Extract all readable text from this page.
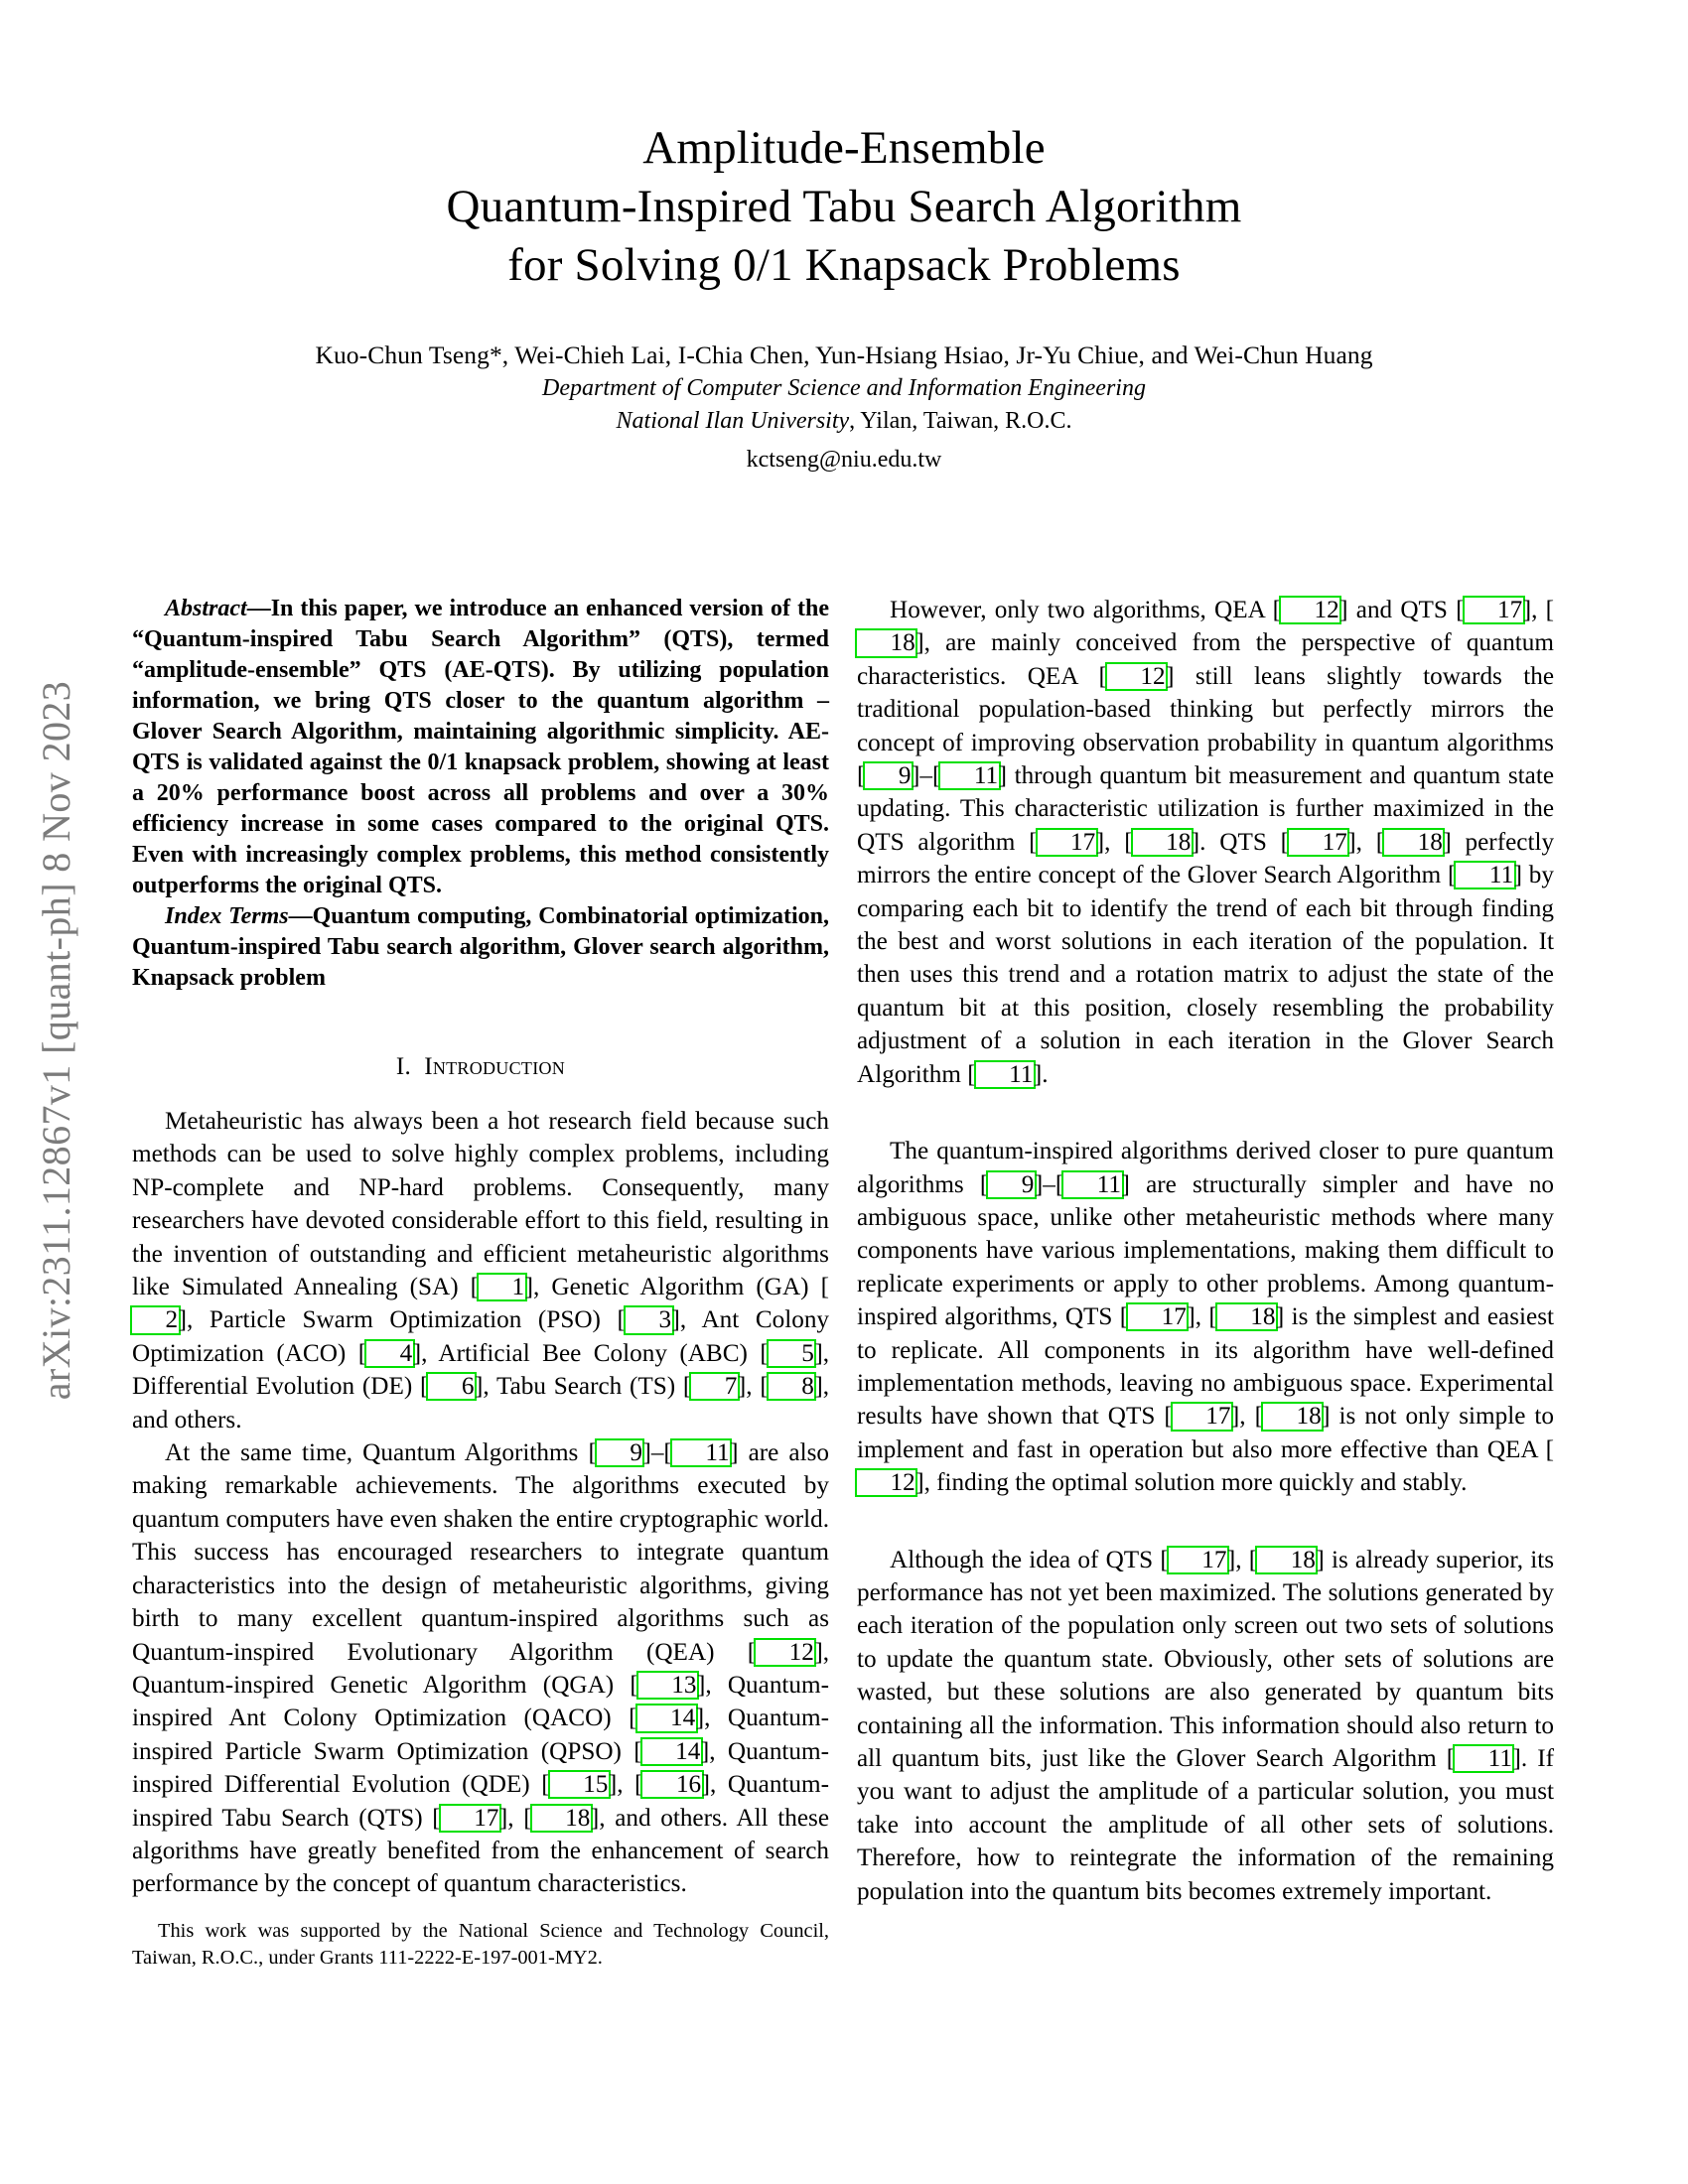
arXiv:2311.12867v1 [quant-ph] 8 Nov 2023
Amplitude-Ensemble
Quantum-Inspired Tabu Search Algorithm
for Solving 0/1 Knapsack Problems
Kuo-Chun Tseng*, Wei-Chieh Lai, I-Chia Chen, Yun-Hsiang Hsiao, Jr-Yu Chiue, and Wei-Chun Huang
Department of Computer Science and Information Engineering
National Ilan University, Yilan, Taiwan, R.O.C.
kctseng@niu.edu.tw

Abstract—In this paper, we introduce an enhanced version of the “Quantum-inspired Tabu Search Algorithm” (QTS), termed “amplitude-ensemble” QTS (AE-QTS). By utilizing population information, we bring QTS closer to the quantum algorithm – Glover Search Algorithm, maintaining algorithmic simplicity. AE-QTS is validated against the 0/1 knapsack problem, showing at least a 20% performance boost across all problems and over a 30% efficiency increase in some cases compared to the original QTS. Even with increasingly complex problems, this method consistently outperforms the original QTS.

Index Terms—Quantum computing, Combinatorial optimization, Quantum-inspired Tabu search algorithm, Glover search algorithm, Knapsack problem

I. Introduction

Metaheuristic has always been a hot research field because such methods can be used to solve highly complex problems, including NP-complete and NP-hard problems. Consequently, many researchers have devoted considerable effort to this field, resulting in the invention of outstanding and efficient metaheuristic algorithms like Simulated Annealing (SA) [ 1], Genetic Algorithm (GA) [2], Particle Swarm Optimization (PSO) [ 3], Ant Colony Optimization (ACO) [ 4], Artificial Bee Colony (ABC) [ 5], Differential Evolution (DE) [ 6], Tabu Search (TS) [ 7], [ 8], and others.

At the same time, Quantum Algorithms [ 9]–[ 11] are also making remarkable achievements. The algorithms executed by quantum computers have even shaken the entire cryptographic world. This success has encouraged researchers to integrate quantum characteristics into the design of metaheuristic algorithms, giving birth to many excellent quantum-inspired algorithms such as Quantum-inspired Evolutionary Algorithm (QEA) [ 12], Quantum-inspired Genetic Algorithm (QGA) [ 13], Quantum-inspired Ant Colony Optimization (QACO) [ 14], Quantum-inspired Particle Swarm Optimization (QPSO) [ 14], Quantum-inspired Differential Evolution (QDE) [ 15], [ 16], Quantum-inspired Tabu Search (QTS) [ 17], [ 18], and others. All these algorithms have greatly benefited from the enhancement of search performance by the concept of quantum characteristics.

However, only two algorithms, QEA [ 12] and QTS [ 17], [18], are mainly conceived from the perspective of quantum characteristics. QEA [ 12] still leans slightly towards the traditional population-based thinking but perfectly mirrors the concept of improving observation probability in quantum algorithms [ 9]–[ 11] through quantum bit measurement and quantum state updating. This characteristic utilization is further maximized in the QTS algorithm [ 17], [ 18]. QTS [ 17], [ 18] perfectly mirrors the entire concept of the Glover Search Algorithm [ 11] by comparing each bit to identify the trend of each bit through finding the best and worst solutions in each iteration of the population. It then uses this trend and a rotation matrix to adjust the state of the quantum bit at this position, closely resembling the probability adjustment of a solution in each iteration in the Glover Search Algorithm [ 11].

The quantum-inspired algorithms derived closer to pure quantum algorithms [ 9]–[ 11] are structurally simpler and have no ambiguous space, unlike other metaheuristic methods where many components have various implementations, making them difficult to replicate experiments or apply to other problems. Among quantum-inspired algorithms, QTS [ 17], [ 18] is the simplest and easiest to replicate. All components in its algorithm have well-defined implementation methods, leaving no ambiguous space. Experimental results have shown that QTS [ 17], [ 18] is not only simple to implement and fast in operation but also more effective than QEA [12], finding the optimal solution more quickly and stably.

Although the idea of QTS [ 17], [ 18] is already superior, its performance has not yet been maximized. The solutions generated by each iteration of the population only screen out two sets of solutions to update the quantum state. Obviously, other sets of solutions are wasted, but these solutions are also generated by quantum bits containing all the information. This information should also return to all quantum bits, just like the Glover Search Algorithm [ 11]. If you want to adjust the amplitude of a particular solution, you must take into account the amplitude of all other sets of solutions. Therefore, how to reintegrate the information of the remaining population into the quantum bits becomes extremely important.

This work was supported by the National Science and Technology Council, Taiwan, R.O.C., under Grants 111-2222-E-197-001-MY2.
